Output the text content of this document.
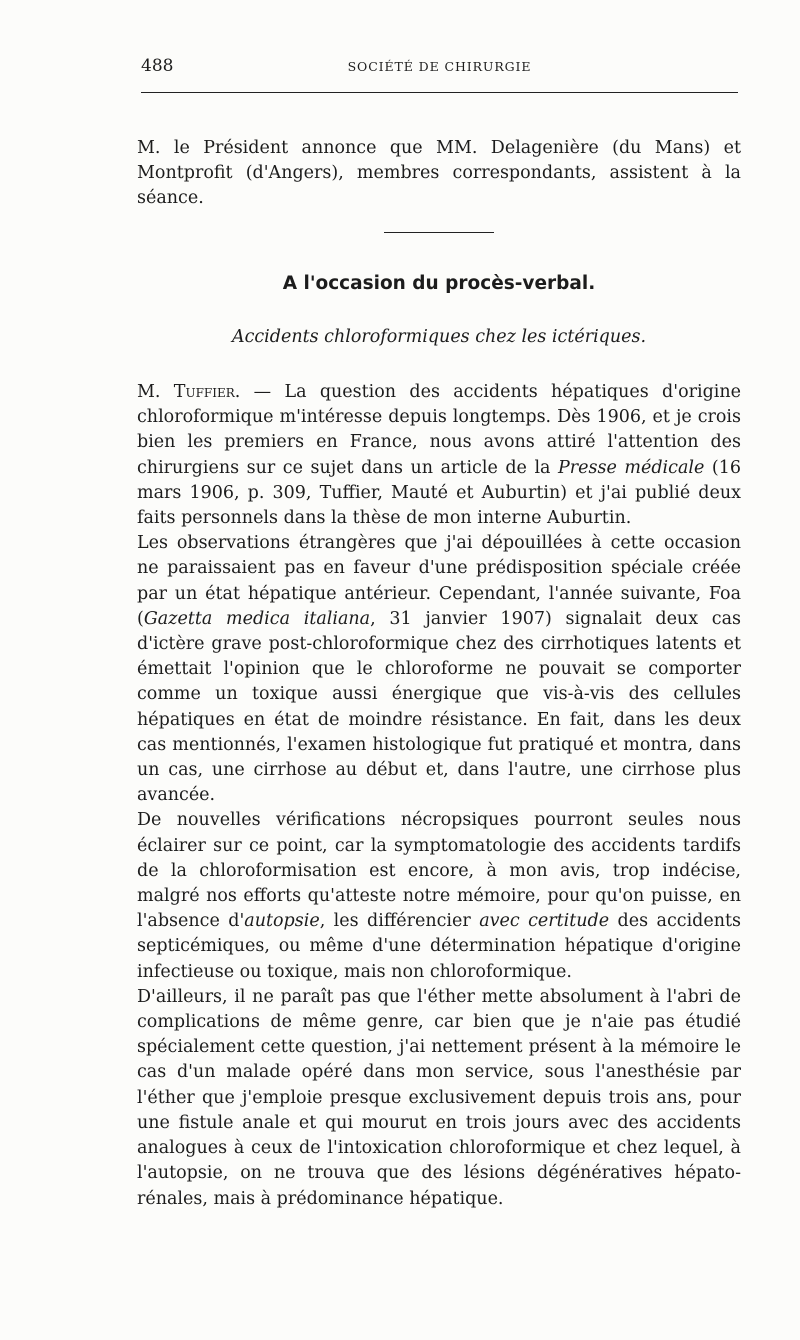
488	SOCIÉTÉ DE CHIRURGIE

M. le Président annonce que MM. Delagenière (du Mans) et Montprofit (d'Angers), membres correspondants, assistent à la séance.

A l'occasion du procès-verbal.
Accidents chloroformiques chez les ictériques.

M. Tuffier. — La question des accidents hépatiques d'origine chloroformique m'intéresse depuis longtemps. Dès 1906, et je crois bien les premiers en France, nous avons attiré l'attention des chirurgiens sur ce sujet dans un article de la Presse médicale (16 mars 1906, p. 309, Tuffier, Mauté et Auburtin) et j'ai publié deux faits personnels dans la thèse de mon interne Auburtin.

Les observations étrangères que j'ai dépouillées à cette occasion ne paraissaient pas en faveur d'une prédisposition spéciale créée par un état hépatique antérieur. Cependant, l'année suivante, Foa (Gazetta medica italiana, 31 janvier 1907) signalait deux cas d'ictère grave post-chloroformique chez des cirrhotiques latents et émettait l'opinion que le chloroforme ne pouvait se comporter comme un toxique aussi énergique que vis-à-vis des cellules hépatiques en état de moindre résistance. En fait, dans les deux cas mentionnés, l'examen histologique fut pratiqué et montra, dans un cas, une cirrhose au début et, dans l'autre, une cirrhose plus avancée.

De nouvelles vérifications nécropsiques pourront seules nous éclairer sur ce point, car la symptomatologie des accidents tardifs de la chloroformisation est encore, à mon avis, trop indécise, malgré nos efforts qu'atteste notre mémoire, pour qu'on puisse, en l'absence d'autopsie, les différencier avec certitude des accidents septicémiques, ou même d'une détermination hépatique d'origine infectieuse ou toxique, mais non chloroformique.

D'ailleurs, il ne paraît pas que l'éther mette absolument à l'abri de complications de même genre, car bien que je n'aie pas étudié spécialement cette question, j'ai nettement présent à la mémoire le cas d'un malade opéré dans mon service, sous l'anesthésie par l'éther que j'emploie presque exclusivement depuis trois ans, pour une fistule anale et qui mourut en trois jours avec des accidents analogues à ceux de l'intoxication chloroformique et chez lequel, à l'autopsie, on ne trouva que des lésions dégénératives hépato-rénales, mais à prédominance hépatique.
